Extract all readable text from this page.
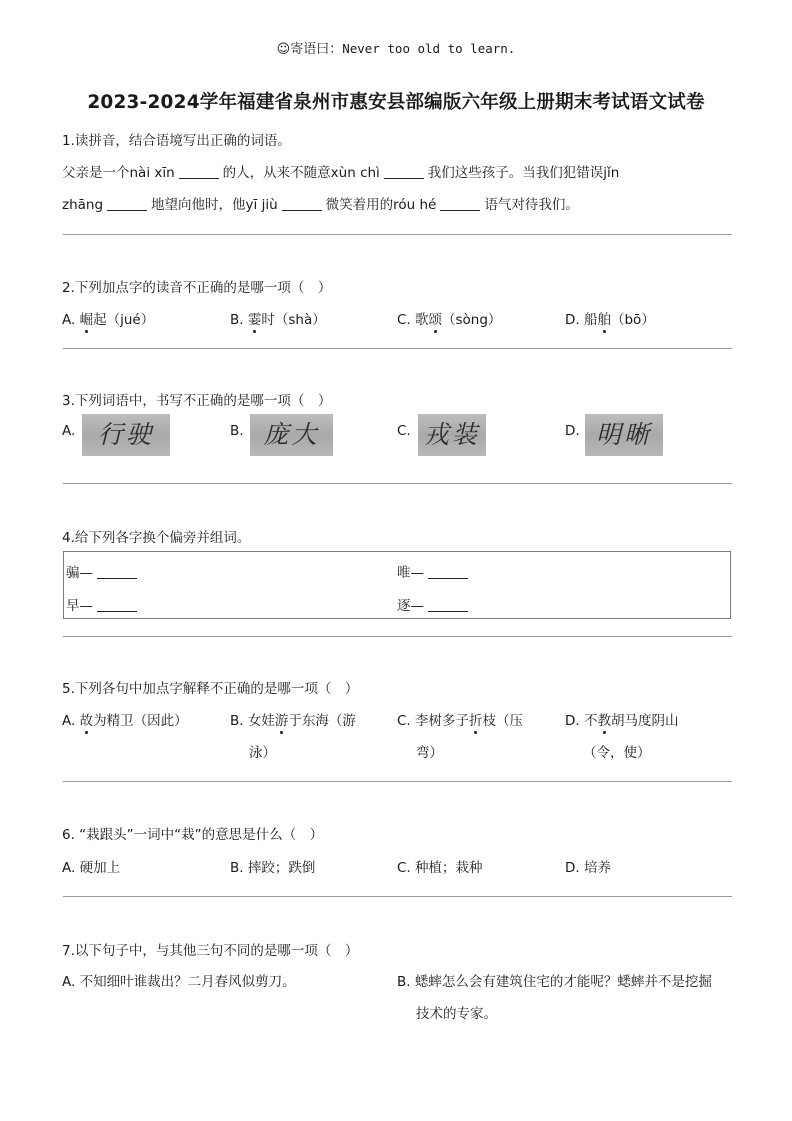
☺寄语曰：Never too old to learn.
2023-2024学年福建省泉州市惠安县部编版六年级上册期末考试语文试卷
1.读拼音，结合语境写出正确的词语。
父亲是一个nài xīn	的人，从来不随意xùn chì	我们这些孩子。当我们犯错误jǐn
zhāng	地望向他时，他yī jiù	微笑着用的róu hé	语气对待我们。
2.下列加点字的读音不正确的是哪一项（　）
A. 崛起（jué）	B. 霎时（shà）	C. 歌颂（sòng）	D. 船舶（bō）
3.下列词语中，书写不正确的是哪一项（　）
A. 行驶	B. 庞大	C. 戎装	D. 明晰
4.给下列各字换个偏旁并组词。
骗—	唯—
早—	逐—
5.下列各句中加点字解释不正确的是哪一项（　）
A. 故为精卫（因此）	B. 女娃游于东海（游
泳）
C. 李树多子折枝（压
弯）
D. 不教胡马度阴山
（令，使）
6. “栽跟头”一词中“栽”的意思是什么（　）
A. 硬加上	B. 摔跤；跌倒	C. 种植；栽种	D. 培养
7.以下句子中，与其他三句不同的是哪一项（　）
A. 不知细叶谁裁出？二月春风似剪刀。	B. 蟋蟀怎么会有建筑住宅的才能呢？蟋蟀并不是挖掘
技术的专家。
